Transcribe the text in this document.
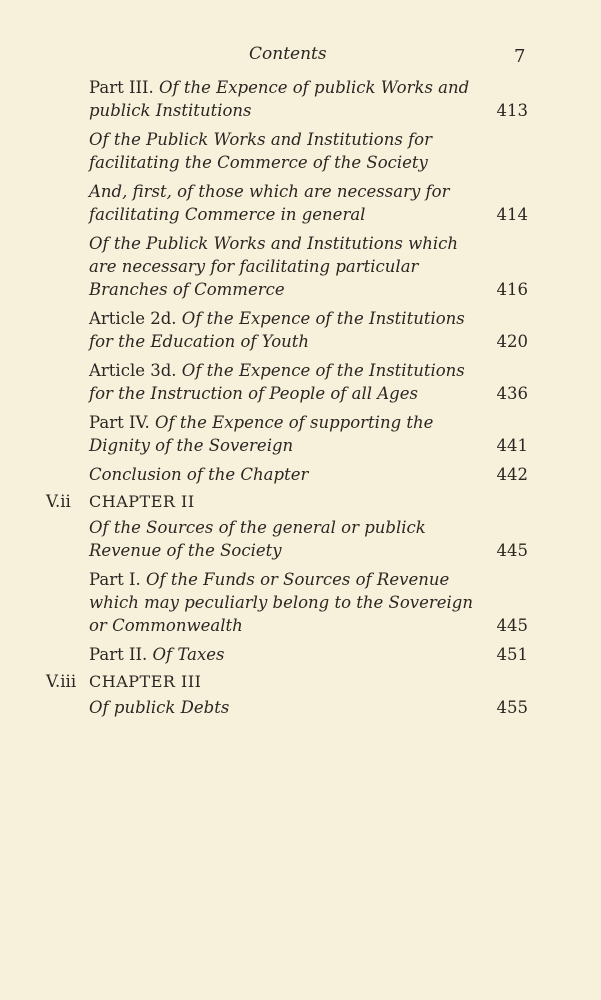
Contents	7
Part III. Of the Expence of publick Works and publick Institutions	413
Of the Publick Works and Institutions for facilitating the Commerce of the Society
And, first, of those which are necessary for facilitating Commerce in general	414
Of the Publick Works and Institutions which are necessary for facilitating particular Branches of Commerce	416
Article 2d. Of the Expence of the Institutions for the Education of Youth	420
Article 3d. Of the Expence of the Institutions for the Instruction of People of all Ages	436
Part IV. Of the Expence of supporting the Dignity of the Sovereign	441
Conclusion of the Chapter	442
V.ii CHAPTER II
Of the Sources of the general or publick Revenue of the Society	445
Part I. Of the Funds or Sources of Revenue which may peculiarly belong to the Sovereign or Commonwealth	445
Part II. Of Taxes	451
V.iii CHAPTER III
Of publick Debts	455
